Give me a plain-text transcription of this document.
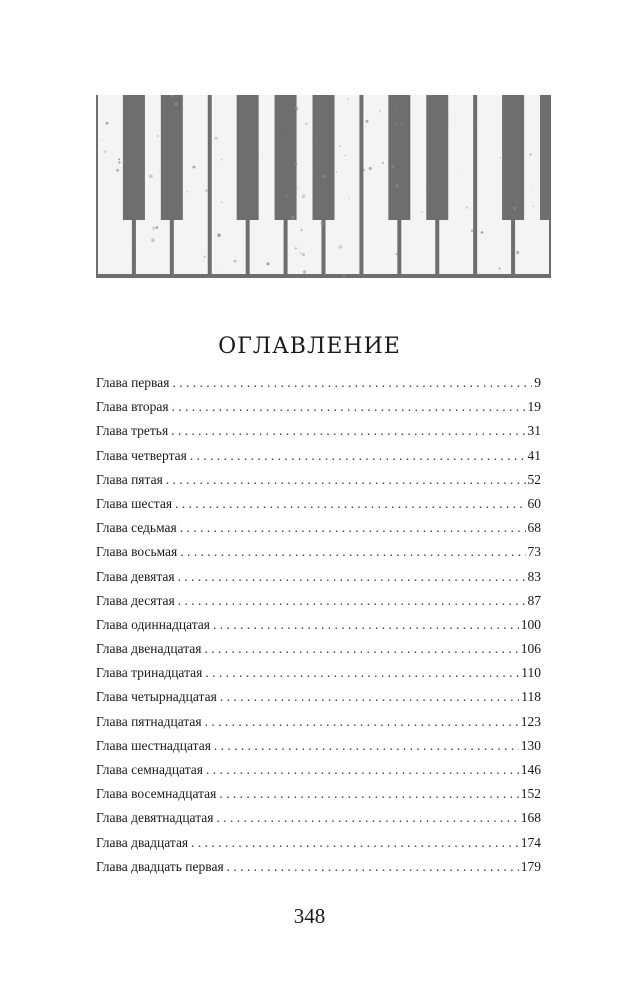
ОГЛАВЛЕНИЕ
Глава первая . . .	9
Глава вторая . . .	19
Глава третья . . .	31
Глава четвертая . . .	41
Глава пятая . . .	52
Глава шестая . . .	60
Глава седьмая . . .	68
Глава восьмая . . .	73
Глава девятая . . .	83
Глава десятая . . .	87
Глава одиннадцатая . . .	100
Глава двенадцатая . . .	106
Глава тринадцатая . . .	110
Глава четырнадцатая . . .	118
Глава пятнадцатая . . .	123
Глава шестнадцатая . . .	130
Глава семнадцатая . . .	146
Глава восемнадцатая . . .	152
Глава девятнадцатая . . .	168
Глава двадцатая . . .	174
Глава двадцать первая . . .	179
348
